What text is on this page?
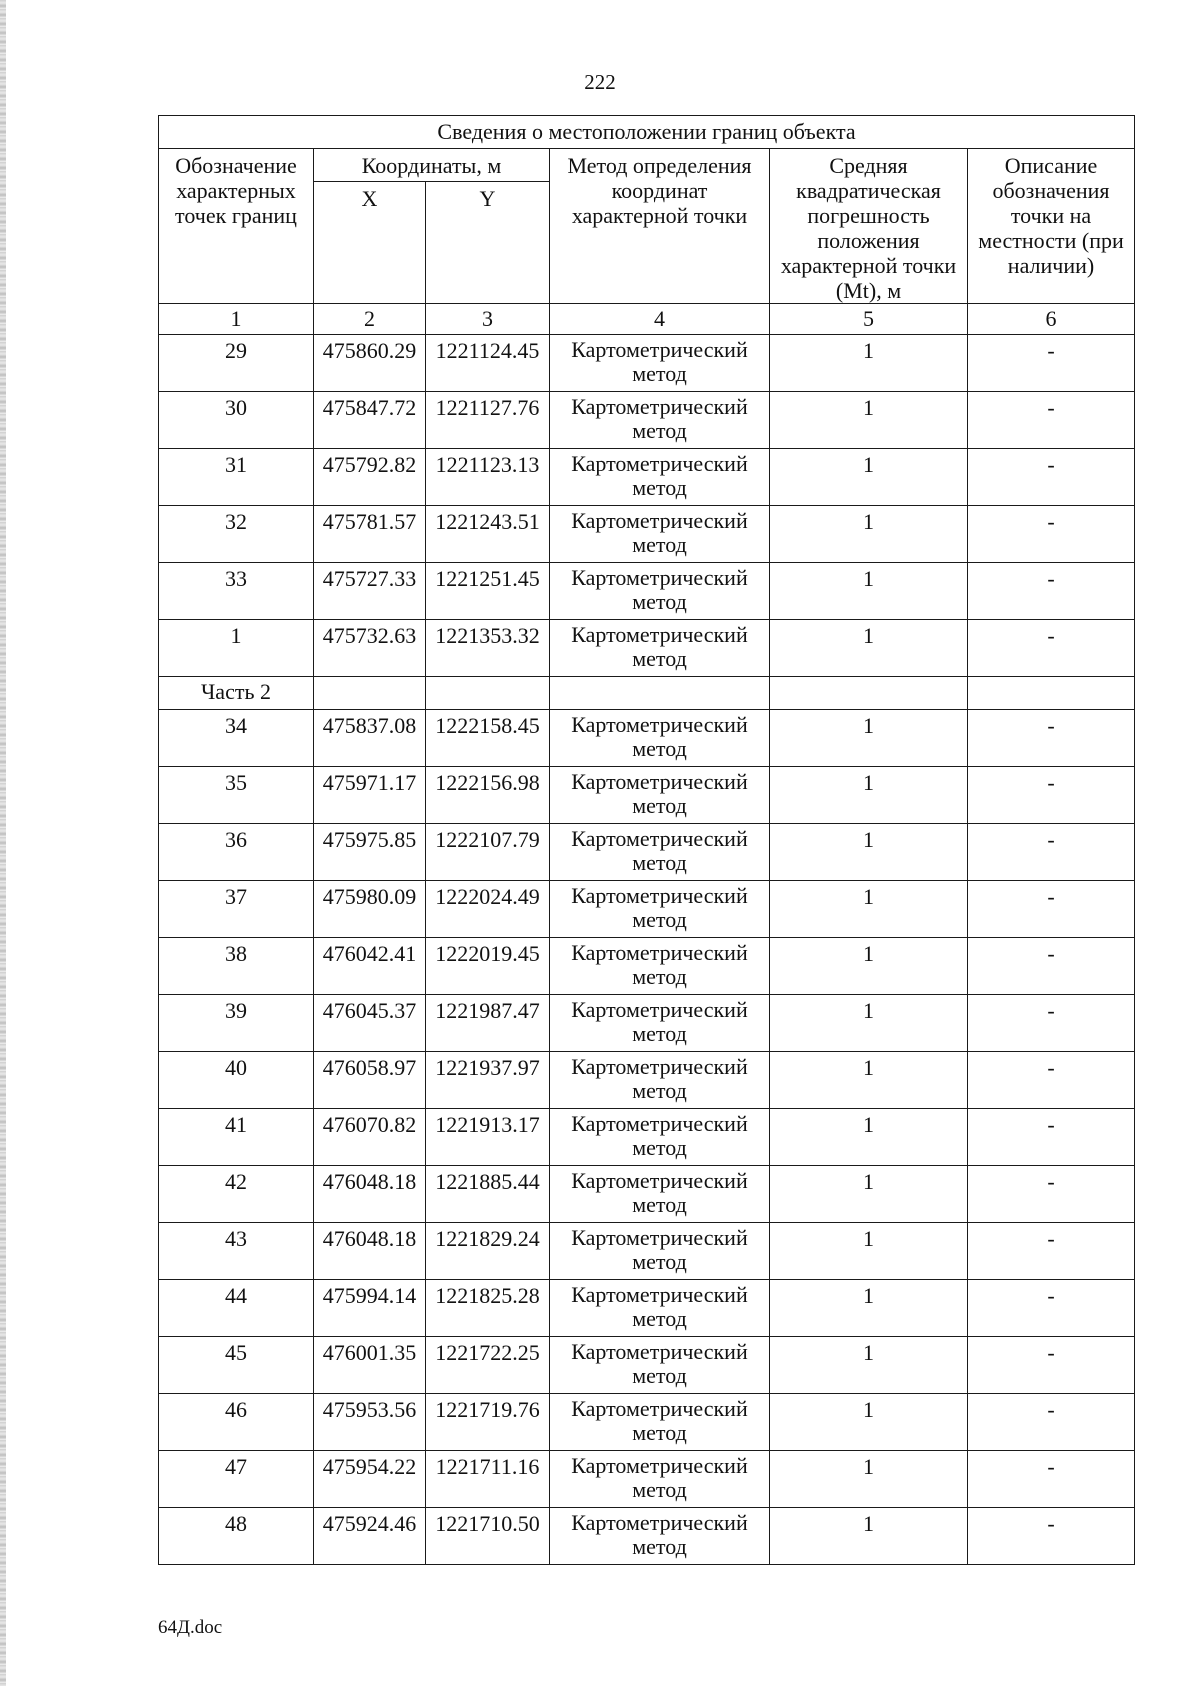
222
Сведения о местоположении границ объекта					
Обозначение характерных точек границ	Координаты, м		Метод определения координат характерной точки	Средняя квадратическая погрешность положения характерной точки (Mt), м	Описание обозначения точки на местности (при наличии)
	X	Y			
1	2	3	4	5	6
29	475860.29	1221124.45	Картометрический метод	1	-
30	475847.72	1221127.76	Картометрический метод	1	-
31	475792.82	1221123.13	Картометрический метод	1	-
32	475781.57	1221243.51	Картометрический метод	1	-
33	475727.33	1221251.45	Картометрический метод	1	-
1	475732.63	1221353.32	Картометрический метод	1	-
Часть 2					
34	475837.08	1222158.45	Картометрический метод	1	-
35	475971.17	1222156.98	Картометрический метод	1	-
36	475975.85	1222107.79	Картометрический метод	1	-
37	475980.09	1222024.49	Картометрический метод	1	-
38	476042.41	1222019.45	Картометрический метод	1	-
39	476045.37	1221987.47	Картометрический метод	1	-
40	476058.97	1221937.97	Картометрический метод	1	-
41	476070.82	1221913.17	Картометрический метод	1	-
42	476048.18	1221885.44	Картометрический метод	1	-
43	476048.18	1221829.24	Картометрический метод	1	-
44	475994.14	1221825.28	Картометрический метод	1	-
45	476001.35	1221722.25	Картометрический метод	1	-
46	475953.56	1221719.76	Картометрический метод	1	-
47	475954.22	1221711.16	Картометрический метод	1	-
48	475924.46	1221710.50	Картометрический метод	1	-
64Д.doc
